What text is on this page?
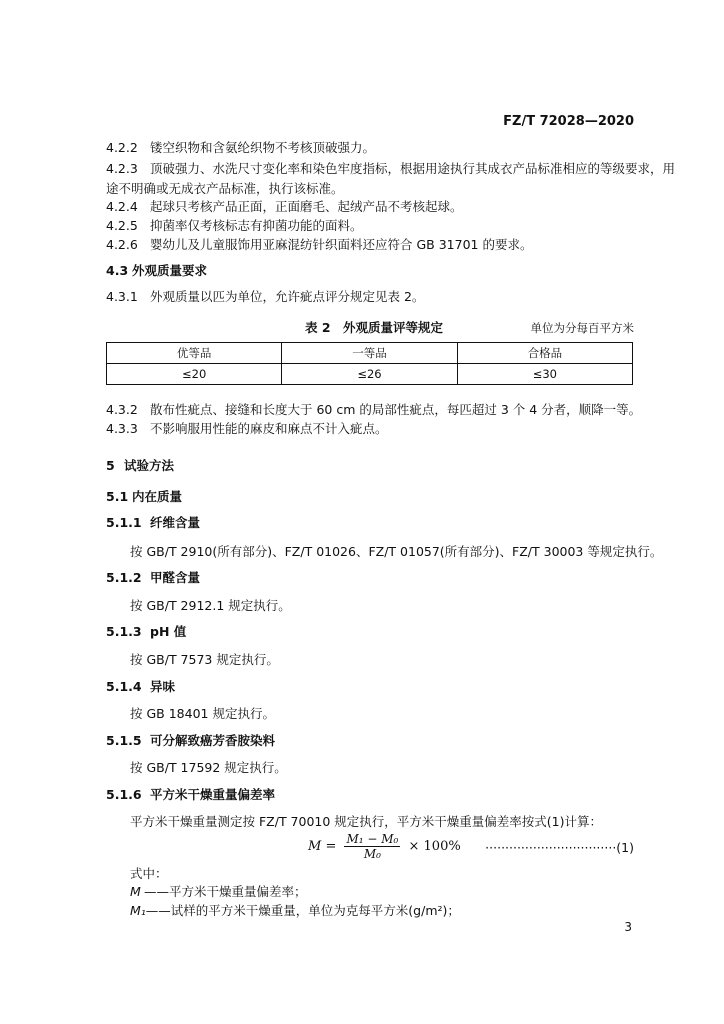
FZ/T 72028—2020
4.2.2 镂空织物和含氨纶织物不考核顶破强力。
4.2.3 顶破强力、水洗尺寸变化率和染色牢度指标，根据用途执行其成衣产品标准相应的等级要求，用
途不明确或无成衣产品标准，执行该标准。
4.2.4 起球只考核产品正面，正面磨毛、起绒产品不考核起球。
4.2.5 抑菌率仅考核标志有抑菌功能的面料。
4.2.6 婴幼儿及儿童服饰用亚麻混纺针织面料还应符合 GB 31701 的要求。
4.3 外观质量要求
4.3.1 外观质量以匹为单位，允许疵点评分规定见表 2。
表 2　外观质量评等规定	单位为分每百平方米
优等品	一等品	合格品
≤20	≤26	≤30
4.3.2 散布性疵点、接缝和长度大于 60 cm 的局部性疵点，每匹超过 3 个 4 分者，顺降一等。
4.3.3 不影响服用性能的麻皮和麻点不计入疵点。
5 试验方法
5.1 内在质量
5.1.1 纤维含量
按 GB/T 2910(所有部分)、FZ/T 01026、FZ/T 01057(所有部分)、FZ/T 30003 等规定执行。
5.1.2 甲醛含量
按 GB/T 2912.1 规定执行。
5.1.3 pH 值
按 GB/T 7573 规定执行。
5.1.4 异味
按 GB 18401 规定执行。
5.1.5 可分解致癌芳香胺染料
按 GB/T 17592 规定执行。
5.1.6 平方米干燥重量偏差率
平方米干燥重量测定按 FZ/T 70010 规定执行，平方米干燥重量偏差率按式(1)计算：
$M = \frac{\text{M₁ − M₀}}{\text{M₀}} \times 100\% \cdot\cdot\cdot\cdot\cdot\cdot\cdot\cdot\cdot\cdot\cdot\cdot\cdot\cdot\cdot\cdot\cdot\cdot\cdot\cdot\cdot\cdot\cdot\cdot\cdot\cdot\cdot\cdot\cdot\cdot\cdot\cdot\cdot(1)$
式中：
M ——平方米干燥重量偏差率；
M₁——试样的平方米干燥重量，单位为克每平方米(g/m²)；
3
